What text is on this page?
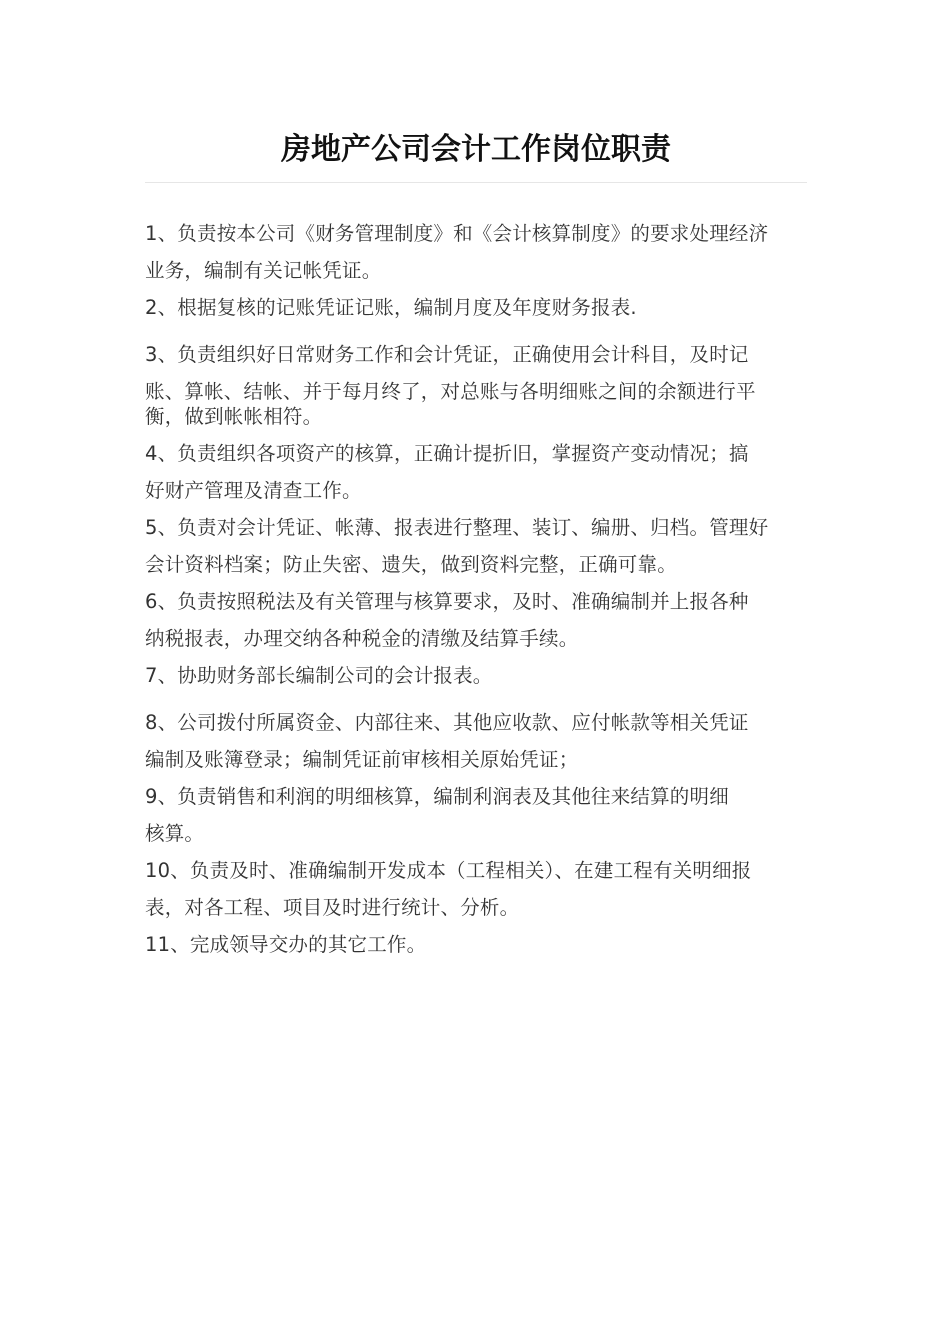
房地产公司会计工作岗位职责
1、负责按本公司《财务管理制度》和《会计核算制度》的要求处理经济
业务，编制有关记帐凭证。
2、根据复核的记账凭证记账，编制月度及年度财务报表.
3、负责组织好日常财务工作和会计凭证，正确使用会计科目，及时记
账、算帐、结帐、并于每月终了，对总账与各明细账之间的余额进行平
衡，做到帐帐相符。
4、负责组织各项资产的核算，正确计提折旧，掌握资产变动情况；搞
好财产管理及清查工作。
5、负责对会计凭证、帐薄、报表进行整理、装订、编册、归档。管理好
会计资料档案；防止失密、遗失，做到资料完整，正确可靠。
6、负责按照税法及有关管理与核算要求，及时、准确编制并上报各种
纳税报表，办理交纳各种税金的清缴及结算手续。
7、协助财务部长编制公司的会计报表。
8、公司拨付所属资金、内部往来、其他应收款、应付帐款等相关凭证
编制及账簿登录；编制凭证前审核相关原始凭证；
9、负责销售和利润的明细核算，编制利润表及其他往来结算的明细
核算。
10、负责及时、准确编制开发成本（工程相关）、在建工程有关明细报
表，对各工程、项目及时进行统计、分析。
11、完成领导交办的其它工作。
